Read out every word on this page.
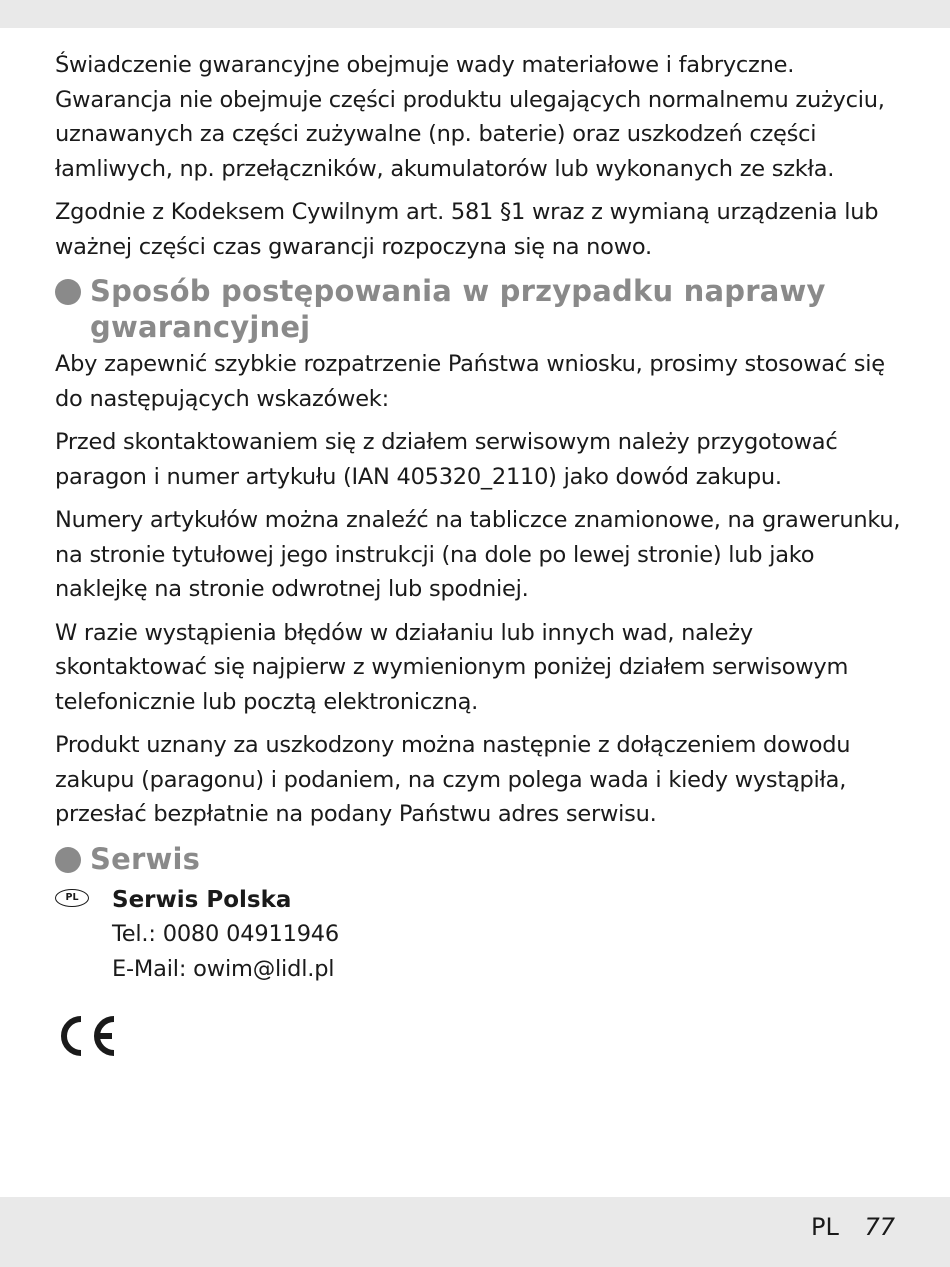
Świadczenie gwarancyjne obejmuje wady materiałowe i fabryczne. Gwarancja nie obejmuje części produktu ulegających normalnemu zużyciu, uznawanych za części zużywalne (np. baterie) oraz uszkodzeń części łamliwych, np. przełączników, akumulatorów lub wykonanych ze szkła.

Zgodnie z Kodeksem Cywilnym art. 581 §1 wraz z wymianą urządzenia lub ważnej części czas gwarancji rozpoczyna się na nowo.

Sposób postępowania w przypadku naprawy gwarancyjnej

Aby zapewnić szybkie rozpatrzenie Państwa wniosku, prosimy stosować się do następujących wskazówek:

Przed skontaktowaniem się z działem serwisowym należy przygotować paragon i numer artykułu (IAN 405320_2110) jako dowód zakupu.

Numery artykułów można znaleźć na tabliczce znamionowe, na grawerunku, na stronie tytułowej jego instrukcji (na dole po lewej stronie) lub jako naklejkę na stronie odwrotnej lub spodniej.

W razie wystąpienia błędów w działaniu lub innych wad, należy skontaktować się najpierw z wymienionym poniżej działem serwisowym telefonicznie lub pocztą elektroniczną.

Produkt uznany za uszkodzony można następnie z dołączeniem dowodu zakupu (paragonu) i podaniem, na czym polega wada i kiedy wystąpiła, przesłać bezpłatnie na podany Państwu adres serwisu.

Serwis
PL	Serwis Polska
Tel.: 0080 04911946
E-Mail: owim@lidl.pl
PL 77
